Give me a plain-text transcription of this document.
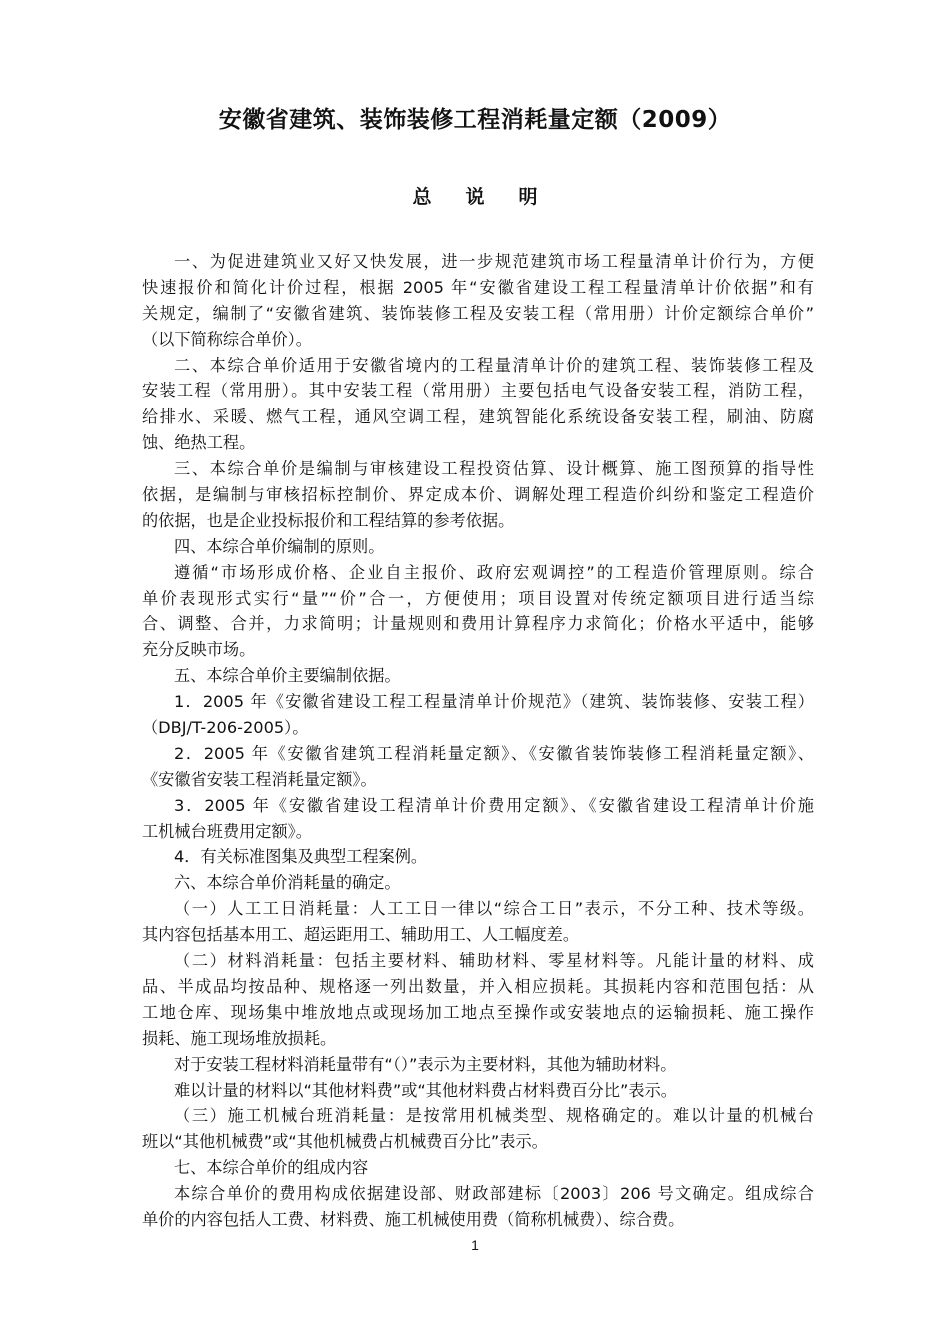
安徽省建筑、装饰装修工程消耗量定额（2009）
总 说 明
一、为促进建筑业又好又快发展，进一步规范建筑市场工程量清单计价行为，方便
快速报价和简化计价过程，根据 2005 年“安徽省建设工程工程量清单计价依据”和有
关规定，编制了“安徽省建筑、装饰装修工程及安装工程（常用册）计价定额综合单价”
（以下简称综合单价）。
二、本综合单价适用于安徽省境内的工程量清单计价的建筑工程、装饰装修工程及
安装工程（常用册）。其中安装工程（常用册）主要包括电气设备安装工程，消防工程，
给排水、采暖、燃气工程，通风空调工程，建筑智能化系统设备安装工程，刷油、防腐
蚀、绝热工程。
三、本综合单价是编制与审核建设工程投资估算、设计概算、施工图预算的指导性
依据，是编制与审核招标控制价、界定成本价、调解处理工程造价纠纷和鉴定工程造价
的依据，也是企业投标报价和工程结算的参考依据。
四、本综合单价编制的原则。
遵循“市场形成价格、企业自主报价、政府宏观调控”的工程造价管理原则。综合
单价表现形式实行“量”“价”合一，方便使用；项目设置对传统定额项目进行适当综
合、调整、合并，力求简明；计量规则和费用计算程序力求简化；价格水平适中，能够
充分反映市场。
五、本综合单价主要编制依据。
1．2005 年《安徽省建设工程工程量清单计价规范》（建筑、装饰装修、安装工程）
（DBJ/T-206-2005）。
2．2005 年《安徽省建筑工程消耗量定额》、《安徽省装饰装修工程消耗量定额》、
《安徽省安装工程消耗量定额》。
3．2005 年《安徽省建设工程清单计价费用定额》、《安徽省建设工程清单计价施
工机械台班费用定额》。
4．有关标准图集及典型工程案例。
六、本综合单价消耗量的确定。
（一）人工工日消耗量：人工工日一律以“综合工日”表示，不分工种、技术等级。
其内容包括基本用工、超运距用工、辅助用工、人工幅度差。
（二）材料消耗量：包括主要材料、辅助材料、零星材料等。凡能计量的材料、成
品、半成品均按品种、规格逐一列出数量，并入相应损耗。其损耗内容和范围包括：从
工地仓库、现场集中堆放地点或现场加工地点至操作或安装地点的运输损耗、施工操作
损耗、施工现场堆放损耗。
对于安装工程材料消耗量带有“（）”表示为主要材料，其他为辅助材料。
难以计量的材料以“其他材料费”或“其他材料费占材料费百分比”表示。
（三）施工机械台班消耗量：是按常用机械类型、规格确定的。难以计量的机械台
班以“其他机械费”或“其他机械费占机械费百分比”表示。
七、本综合单价的组成内容
本综合单价的费用构成依据建设部、财政部建标〔2003〕206 号文确定。组成综合
单价的内容包括人工费、材料费、施工机械使用费（简称机械费）、综合费。
1
